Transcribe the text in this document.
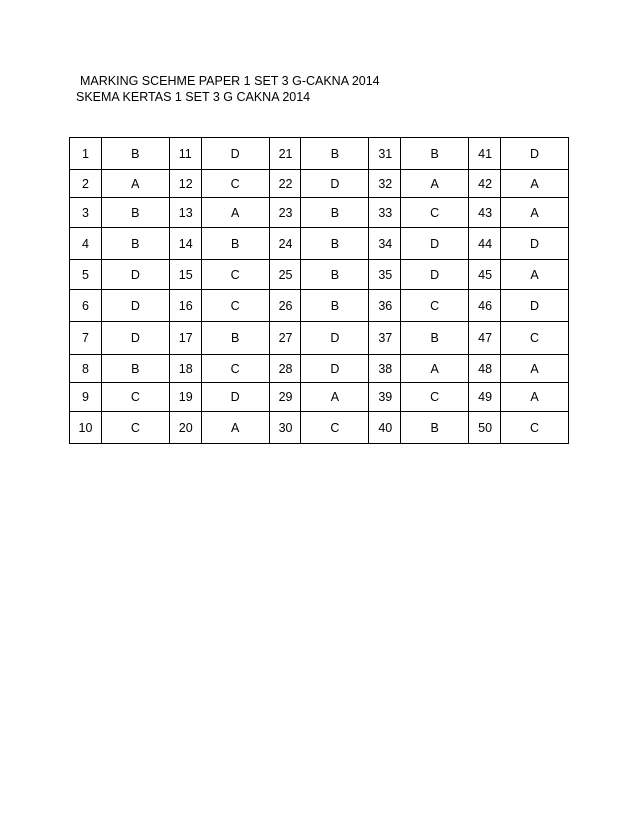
MARKING SCEHME PAPER 1 SET 3 G-CAKNA 2014
SKEMA KERTAS 1 SET 3 G CAKNA 2014
1	B	11	D	21	B	31	B	41	D
2	A	12	C	22	D	32	A	42	A
3	B	13	A	23	B	33	C	43	A
4	B	14	B	24	B	34	D	44	D
5	D	15	C	25	B	35	D	45	A
6	D	16	C	26	B	36	C	46	D
7	D	17	B	27	D	37	B	47	C
8	B	18	C	28	D	38	A	48	A
9	C	19	D	29	A	39	C	49	A
10	C	20	A	30	C	40	B	50	C
